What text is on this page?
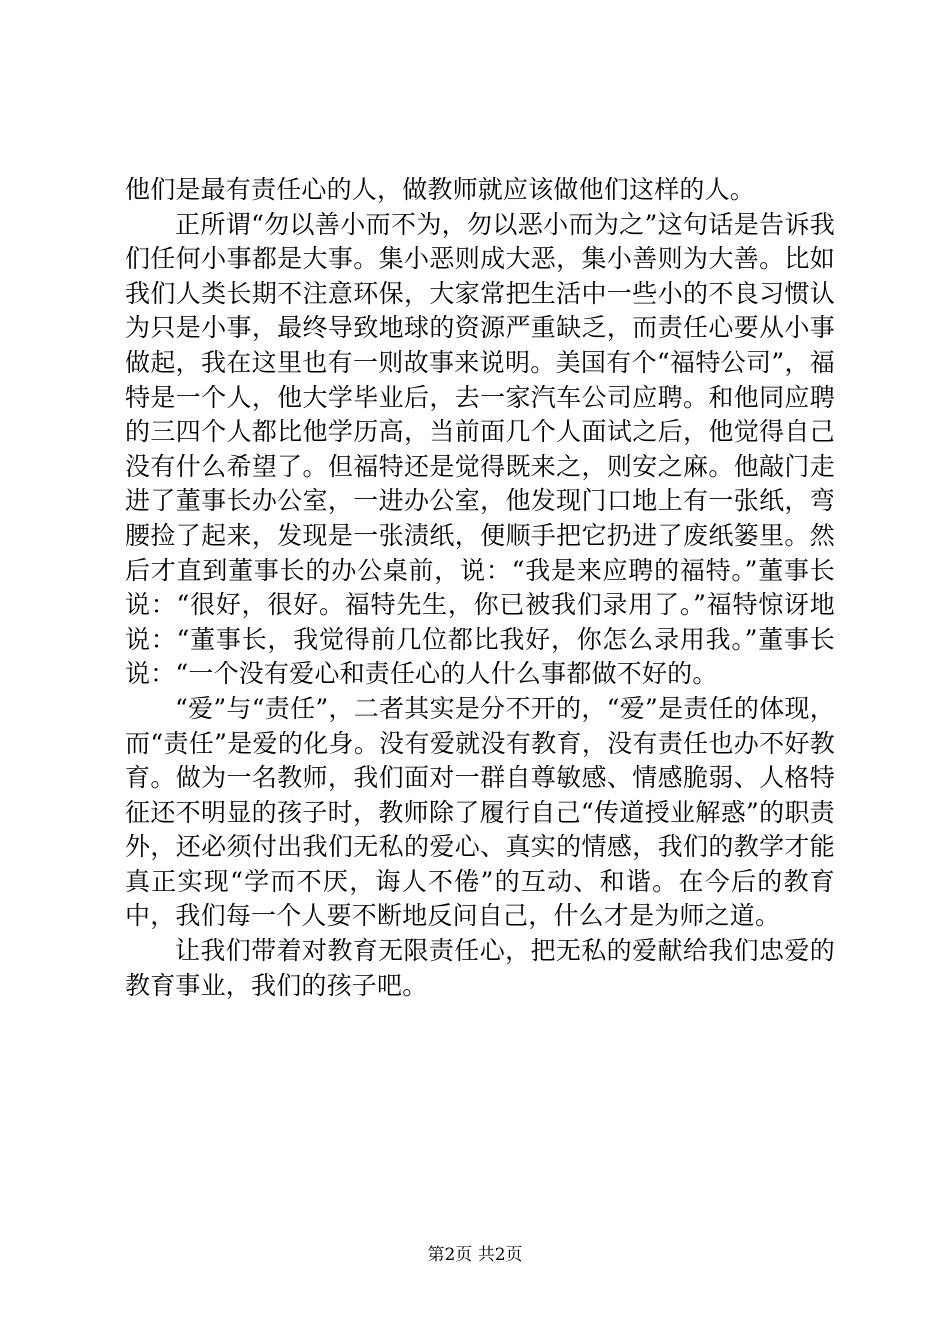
他们是最有责任心的人，做教师就应该做他们这样的人。

正所谓“勿以善小而不为，勿以恶小而为之”这句话是告诉我们任何小事都是大事。集小恶则成大恶，集小善则为大善。比如我们人类长期不注意环保，大家常把生活中一些小的不良习惯认为只是小事，最终导致地球的资源严重缺乏，而责任心要从小事做起，我在这里也有一则故事来说明。美国有个“福特公司”，福特是一个人，他大学毕业后，去一家汽车公司应聘。和他同应聘的三四个人都比他学历高，当前面几个人面试之后，他觉得自己没有什么希望了。但福特还是觉得既来之，则安之麻。他敲门走进了董事长办公室，一进办公室，他发现门口地上有一张纸，弯腰捡了起来，发现是一张渍纸，便顺手把它扔进了废纸篓里。然后才直到董事长的办公桌前，说：“我是来应聘的福特。”董事长说：“很好，很好。福特先生，你已被我们录用了。”福特惊讶地说：“董事长，我觉得前几位都比我好，你怎么录用我。”董事长说：“一个没有爱心和责任心的人什么事都做不好的。

“爱”与“责任”，二者其实是分不开的，“爱”是责任的体现，而“责任”是爱的化身。没有爱就没有教育，没有责任也办不好教育。做为一名教师，我们面对一群自尊敏感、情感脆弱、人格特征还不明显的孩子时，教师除了履行自己“传道授业解惑”的职责外，还必须付出我们无私的爱心、真实的情感，我们的教学才能真正实现“学而不厌，诲人不倦”的互动、和谐。在今后的教育中，我们每一个人要不断地反问自己，什么才是为师之道。

让我们带着对教育无限责任心，把无私的爱献给我们忠爱的教育事业，我们的孩子吧。

第2页 共2页
